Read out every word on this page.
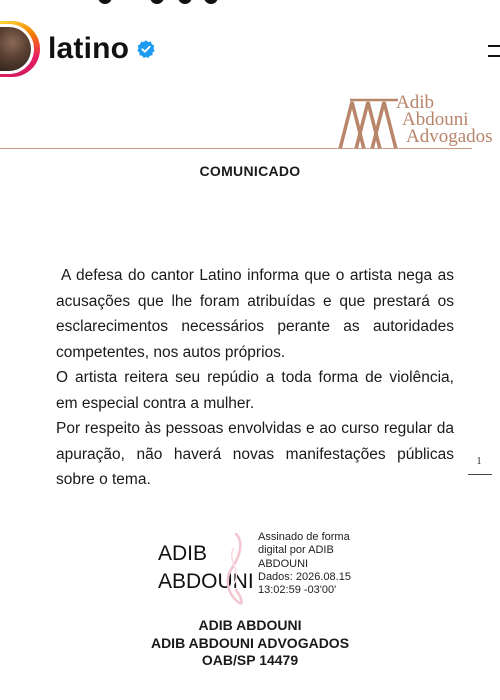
latino
Adib
Abdouni
Advogados
COMUNICADO

A defesa do cantor Latino informa que o artista nega as acusações que lhe foram atribuídas e que prestará os esclarecimentos necessários perante as autoridades competentes, nos autos próprios.

O artista reitera seu repúdio a toda forma de violência, em especial contra a mulher.

Por respeito às pessoas envolvidas e ao curso regular da apuração, não haverá novas manifestações públicas sobre o tema.

1
ADIB
ABDOUNI
Assinado de forma
digital por ADIB
ABDOUNI
Dados: 2026.08.15
13:02:59 -03'00'
ADIB ABDOUNI
ADIB ABDOUNI ADVOGADOS
OAB/SP 14479
